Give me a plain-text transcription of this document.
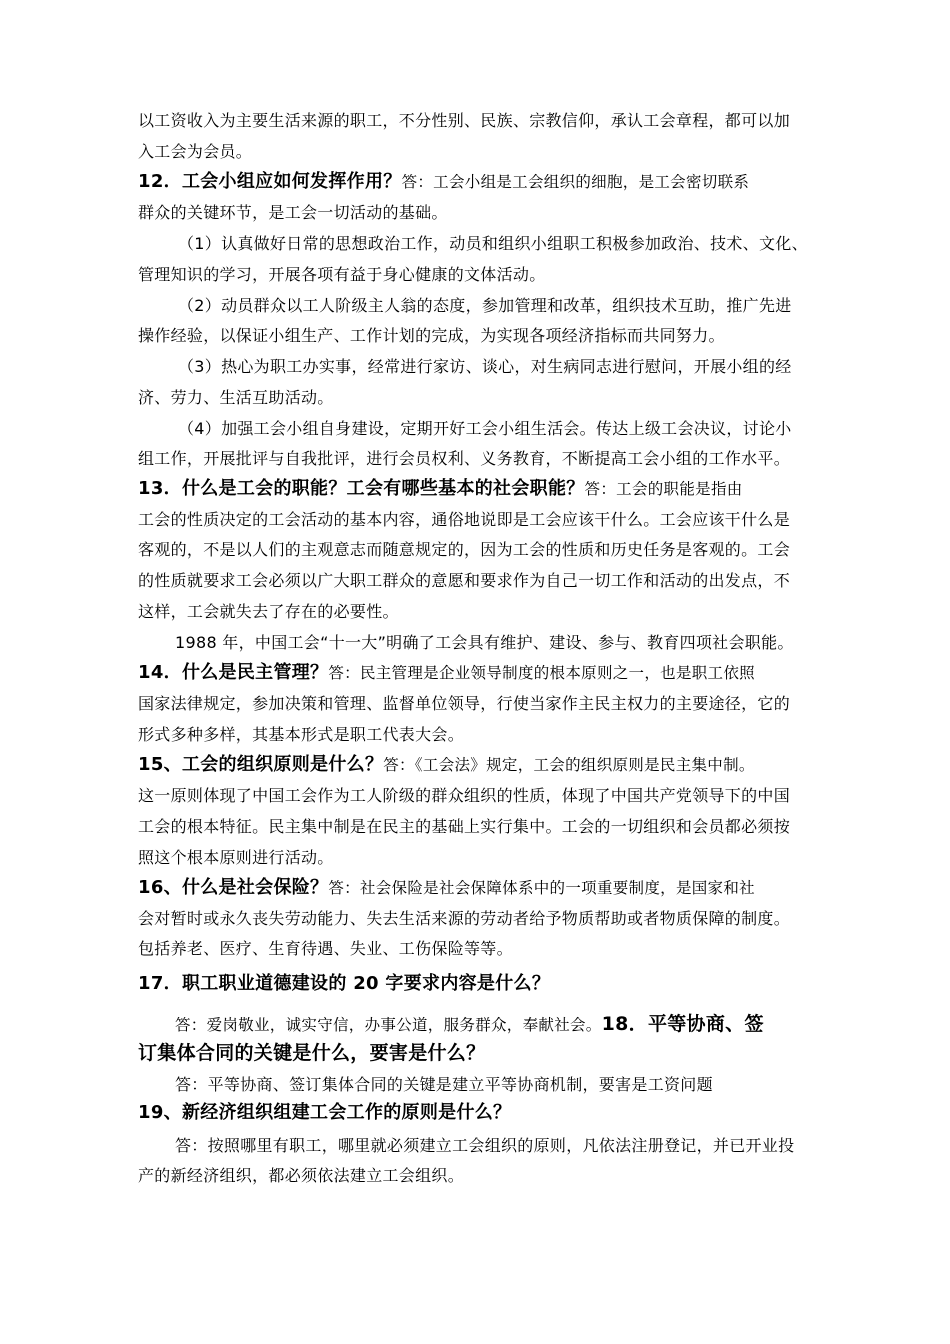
以工资收入为主要生活来源的职工，不分性别、民族、宗教信仰，承认工会章程，都可以加
入工会为会员。
12．工会小组应如何发挥作用？答：工会小组是工会组织的细胞，是工会密切联系
群众的关键环节，是工会一切活动的基础。
（1）认真做好日常的思想政治工作，动员和组织小组职工积极参加政治、技术、文化、
管理知识的学习，开展各项有益于身心健康的文体活动。
（2）动员群众以工人阶级主人翁的态度，参加管理和改革，组织技术互助，推广先进
操作经验，以保证小组生产、工作计划的完成，为实现各项经济指标而共同努力。
（3）热心为职工办实事，经常进行家访、谈心，对生病同志进行慰问，开展小组的经
济、劳力、生活互助活动。
（4）加强工会小组自身建设，定期开好工会小组生活会。传达上级工会决议，讨论小
组工作，开展批评与自我批评，进行会员权利、义务教育，不断提高工会小组的工作水平。
13．什么是工会的职能？工会有哪些基本的社会职能？答：工会的职能是指由
工会的性质决定的工会活动的基本内容，通俗地说即是工会应该干什么。工会应该干什么是
客观的，不是以人们的主观意志而随意规定的，因为工会的性质和历史任务是客观的。工会
的性质就要求工会必须以广大职工群众的意愿和要求作为自己一切工作和活动的出发点，不
这样，工会就失去了存在的必要性。
1988 年，中国工会“十一大”明确了工会具有维护、建设、参与、教育四项社会职能。
14．什么是民主管理？答：民主管理是企业领导制度的根本原则之一，也是职工依照
国家法律规定，参加决策和管理、监督单位领导，行使当家作主民主权力的主要途径，它的
形式多种多样，其基本形式是职工代表大会。
15、工会的组织原则是什么？答：《工会法》规定，工会的组织原则是民主集中制。
这一原则体现了中国工会作为工人阶级的群众组织的性质，体现了中国共产党领导下的中国
工会的根本特征。民主集中制是在民主的基础上实行集中。工会的一切组织和会员都必须按
照这个根本原则进行活动。
16、什么是社会保险？答：社会保险是社会保障体系中的一项重要制度，是国家和社
会对暂时或永久丧失劳动能力、失去生活来源的劳动者给予物质帮助或者物质保障的制度。
包括养老、医疗、生育待遇、失业、工伤保险等等。
17．职工职业道德建设的 20 字要求内容是什么？
答：爱岗敬业，诚实守信，办事公道，服务群众，奉献社会。18．平等协商、签
订集体合同的关键是什么，要害是什么？
答：平等协商、签订集体合同的关键是建立平等协商机制，要害是工资问题
19、新经济组织组建工会工作的原则是什么？
答：按照哪里有职工，哪里就必须建立工会组织的原则，凡依法注册登记，并已开业投
产的新经济组织，都必须依法建立工会组织。
